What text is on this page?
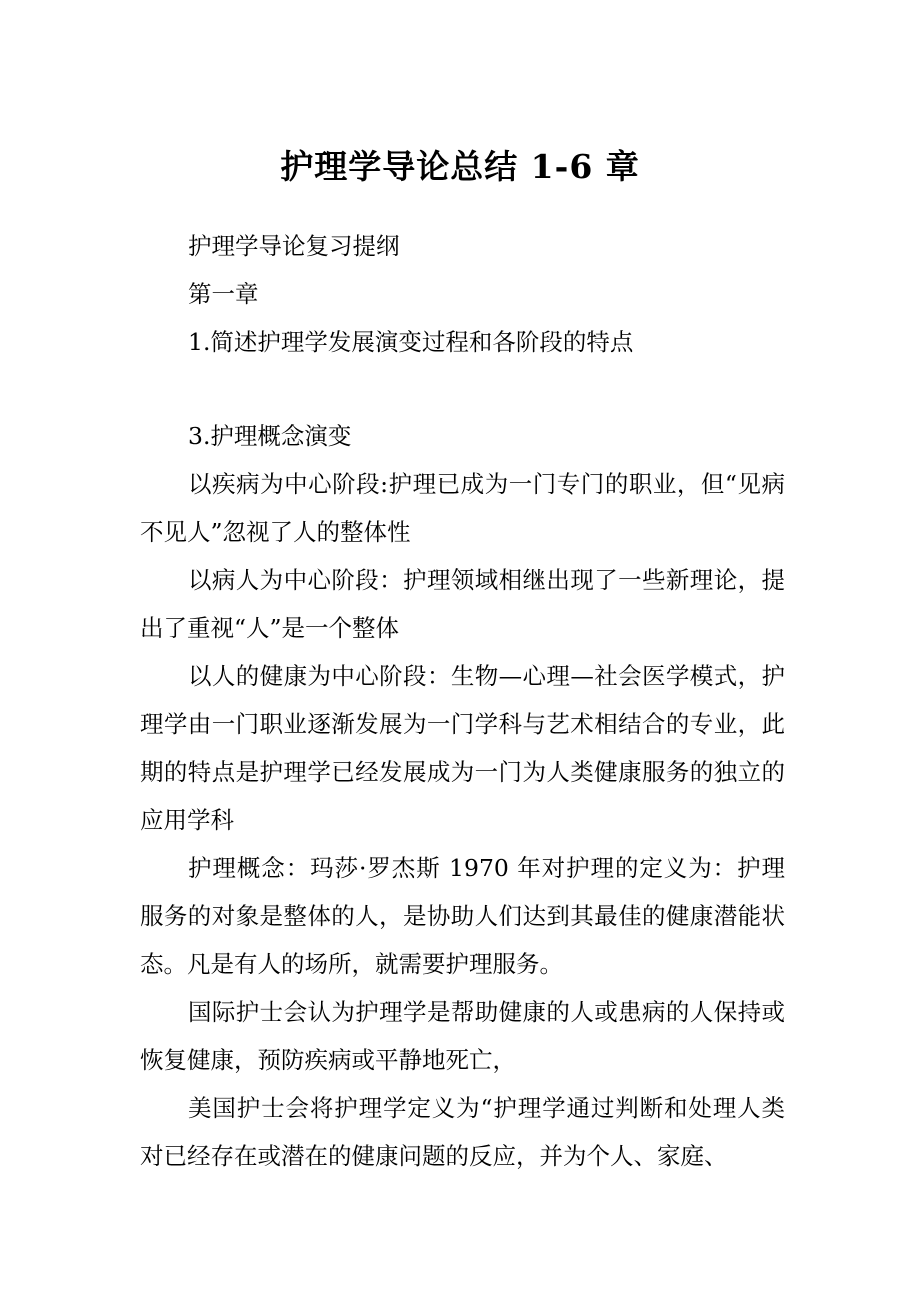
护理学导论总结 1-6 章

护理学导论复习提纲

第一章

1.简述护理学发展演变过程和各阶段的特点

3.护理概念演变

以疾病为中心阶段:护理已成为一门专门的职业，但“见病不见人”忽视了人的整体性

以病人为中心阶段：护理领域相继出现了一些新理论，提出了重视“人”是一个整体

以人的健康为中心阶段：生物—心理—社会医学模式，护理学由一门职业逐渐发展为一门学科与艺术相结合的专业，此期的特点是护理学已经发展成为一门为人类健康服务的独立的应用学科

护理概念：玛莎·罗杰斯 1970 年对护理的定义为：护理服务的对象是整体的人，是协助人们达到其最佳的健康潜能状态。凡是有人的场所，就需要护理服务。

国际护士会认为护理学是帮助健康的人或患病的人保持或恢复健康，预防疾病或平静地死亡，

美国护士会将护理学定义为“护理学通过判断和处理人类对已经存在或潜在的健康问题的反应，并为个人、家庭、
